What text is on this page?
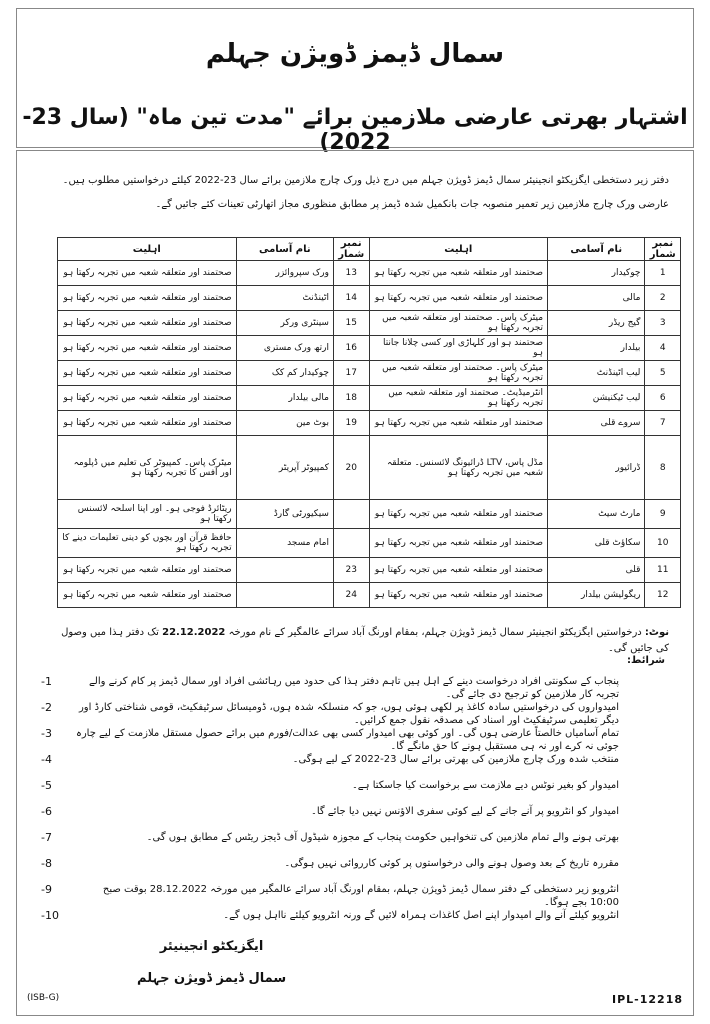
سمال ڈیمز ڈویژن جہلم
اشتہار بھرتی عارضی ملازمین برائے "مدت تین ماہ" (سال 23-2022)
دفتر زیر دستخطی ایگزیکٹو انجینیئر سمال ڈیمز ڈویژن جہلم میں درج ذیل ورک چارج ملازمین برائے سال 23-2022 کیلئے درخواستیں مطلوب ہیں۔ عارضی ورک چارج ملازمین زیر تعمیر منصوبہ جات بانکمیل شدہ ڈیمز پر مطابق منظوری مجاز اتھارٹی تعینات کئے جائیں گے۔
نمبر شمار	نام آسامی	اہلیت	نمبر شمار	نام آسامی	اہلیت
1	چوکیدار	صحتمند اور متعلقہ شعبہ میں تجربہ رکھتا ہو	13	ورک سپروائزر	صحتمند اور متعلقہ شعبہ میں تجربہ رکھتا ہو
2	مالی	صحتمند اور متعلقہ شعبہ میں تجربہ رکھتا ہو	14	اٹینڈنٹ	صحتمند اور متعلقہ شعبہ میں تجربہ رکھتا ہو
3	گیج ریڈر	میٹرک پاس۔ صحتمند اور متعلقہ شعبہ میں تجربہ رکھتا ہو	15	سینٹری ورکر	صحتمند اور متعلقہ شعبہ میں تجربہ رکھتا ہو
4	بیلدار	صحتمند ہو اور کلہاڑی اور کسی چلانا جانتا ہو	16	ارتھ ورک مستری	صحتمند اور متعلقہ شعبہ میں تجربہ رکھتا ہو
5	لیب اٹینڈنٹ	میٹرک پاس۔ صحتمند اور متعلقہ شعبہ میں تجربہ رکھتا ہو	17	چوکیدار کم کک	صحتمند اور متعلقہ شعبہ میں تجربہ رکھتا ہو
6	لیب ٹیکنیشن	انٹرمیڈیٹ۔ صحتمند اور متعلقہ شعبہ میں تجربہ رکھتا ہو	18	مالی بیلدار	صحتمند اور متعلقہ شعبہ میں تجربہ رکھتا ہو
7	سروے قلی	صحتمند اور متعلقہ شعبہ میں تجربہ رکھتا ہو	19	بوٹ مین	صحتمند اور متعلقہ شعبہ میں تجربہ رکھتا ہو
8	ڈرائیور	مڈل پاس، LTV ڈرائیونگ لائسنس۔ متعلقہ شعبہ میں تجربہ رکھتا ہو	20	کمپیوٹر آپریٹر	میٹرک پاس۔ کمپیوٹر کی تعلیم میں ڈپلومہ اور آفس کا تجربہ رکھتا ہو
9	مارٹ سیٹ	صحتمند اور متعلقہ شعبہ میں تجربہ رکھتا ہو		سیکیورٹی گارڈ	ریٹائرڈ فوجی ہو۔ اور اپنا اسلحہ لائسنس رکھتا ہو
10	سکاؤٹ قلی	صحتمند اور متعلقہ شعبہ میں تجربہ رکھتا ہو		امام مسجد	حافظ قرآن اور بچوں کو دینی تعلیمات دینے کا تجربہ رکھتا ہو
11	قلی	صحتمند اور متعلقہ شعبہ میں تجربہ رکھتا ہو	23		صحتمند اور متعلقہ شعبہ میں تجربہ رکھتا ہو
12	ریگولیشن بیلدار	صحتمند اور متعلقہ شعبہ میں تجربہ رکھتا ہو	24		صحتمند اور متعلقہ شعبہ میں تجربہ رکھتا ہو
نوٹ: درخواستیں ایگزیکٹو انجینیئر سمال ڈیمز ڈویژن جہلم، بمقام اورنگ آباد سرائے عالمگیر کے نام مورخہ 22.12.2022 تک دفتر ہذا میں وصول کی جائیں گی۔
شرائط:
پنجاب کے سکونتی افراد درخواست دینے کے اہل ہیں تاہم دفتر ہذا کی حدود میں رہائشی افراد اور سمال ڈیمز پر کام کرنے والے تجربہ کار ملازمین کو ترجیح دی جائے گی۔
-1
امیدواروں کی درخواستیں سادہ کاغذ پر لکھی ہوئی ہوں، جو کہ منسلکہ شدہ ہوں، ڈومیسائل سرٹیفکیٹ، قومی شناختی کارڈ اور دیگر تعلیمی سرٹیفکیٹ اور اسناد کی مصدقہ نقول جمع کرائیں۔
-2
تمام آسامیاں خالصتاً عارضی ہوں گی۔ اور کوئی بھی امیدوار کسی بھی عدالت/فورم میں برائے حصول مستقل ملازمت کے لیے چارہ جوئی نہ کرے اور نہ ہی مستقبل ہونے کا حق مانگے گا۔
-3
منتخب شدہ ورک چارج ملازمین کی بھرتی برائے سال 23-2022 کے لیے ہوگی۔
-4
امیدوار کو بغیر نوٹس دیے ملازمت سے برخواست کیا جاسکتا ہے۔
-5
امیدوار کو انٹرویو پر آنے جانے کے لیے کوئی سفری الاؤنس نہیں دیا جائے گا۔
-6
بھرتی ہونے والے تمام ملازمین کی تنخواہیں حکومت پنجاب کے مجوزہ شیڈول آف ڈیجز ریٹس کے مطابق ہوں گی۔
-7
مقررہ تاریخ کے بعد وصول ہونے والی درخواستوں پر کوئی کارروائی نہیں ہوگی۔
-8
انٹرویو زیر دستخطی کے دفتر سمال ڈیمز ڈویژن جہلم، بمقام اورنگ آباد سرائے عالمگیر میں مورخہ 28.12.2022 بوقت صبح 10:00 بجے ہوگا۔
-9
انٹرویو کیلئے آنے والے امیدوار اپنے اصل کاغذات ہمراہ لائیں گے ورنہ انٹرویو کیلئے نااہل ہوں گے۔
-10
ایگزیکٹو انجینیئر
سمال ڈیمز ڈویژن جہلم
(ISB-G)	IPL-12218
